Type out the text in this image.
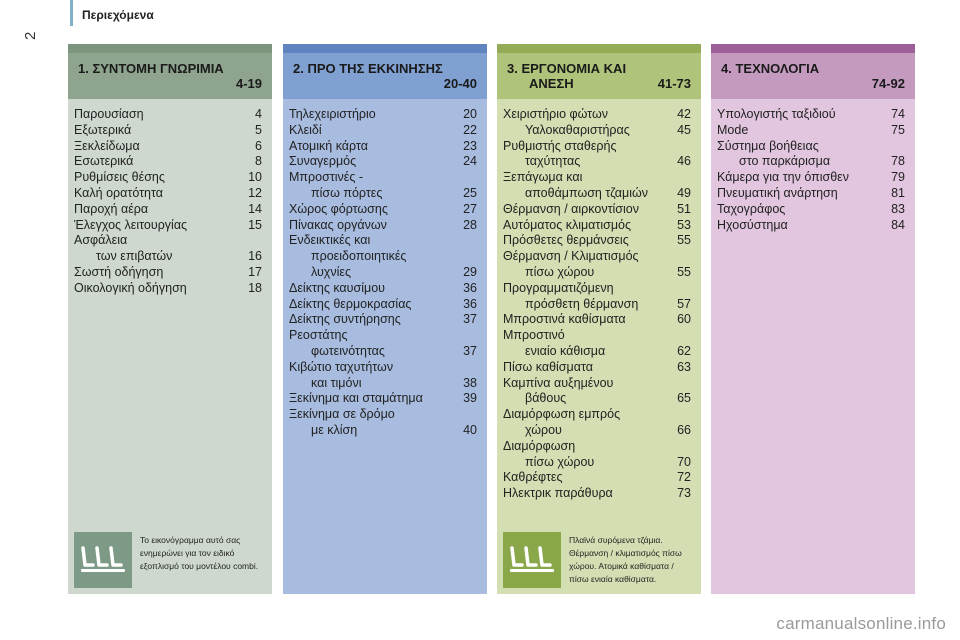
2
Περιεχόμενα
1. ΣΥΝΤΟΜΗ ΓΝΩΡΙΜΙΑ
4-19
Παρουσίαση	4
Εξωτερικά	5
Ξεκλείδωμα	6
Εσωτερικά	8
Ρυθμίσεις θέσης	10
Καλή ορατότητα	12
Παροχή αέρα	14
Έλεγχος λειτουργίας	15
Ασφάλεια
των επιβατών	16
Σωστή οδήγηση	17
Οικολογική οδήγηση	18
Το εικονόγραμμα αυτό σας ενημερώνει για τον ειδικό εξοπλισμό του μοντέλου combi.
2. ΠΡΟ ΤΗΣ ΕΚΚΙΝΗΣΗΣ
20-40
Τηλεχειριστήριο	20
Κλειδί	22
Ατομική κάρτα	23
Συναγερμός	24
Μπροστινές -
πίσω πόρτες	25
Χώρος φόρτωσης	27
Πίνακας οργάνων	28
Ενδεικτικές και
προειδοποιητικές
λυχνίες	29
Δείκτης καυσίμου	36
Δείκτης θερμοκρασίας	36
Δείκτης συντήρησης	37
Ρεοστάτης
φωτεινότητας	37
Κιβώτιο ταχυτήτων
και τιμόνι	38
Ξεκίνημα και σταμάτημα	39
Ξεκίνημα σε δρόμο
με κλίση	40
3. ΕΡΓΟΝΟΜΙΑ ΚΑΙ
ΑΝΕΣΗ	41-73
Χειριστήριο φώτων	42
Υαλοκαθαριστήρας	45
Ρυθμιστής σταθερής
ταχύτητας	46
Ξεπάγωμα και
αποθάμπωση τζαμιών	49
Θέρμανση / αιρκοντίσιον	51
Αυτόματος κλιματισμός	53
Πρόσθετες θερμάνσεις	55
Θέρμανση / Κλιματισμός
πίσω χώρου	55
Προγραμματιζόμενη
πρόσθετη θέρμανση	57
Μπροστινά καθίσματα	60
Μπροστινό
ενιαίο κάθισμα	62
Πίσω καθίσματα	63
Καμπίνα αυξημένου
βάθους	65
Διαμόρφωση εμπρός
χώρου	66
Διαμόρφωση
πίσω χώρου	70
Καθρέφτες	72
Ηλεκτρικ παράθυρα	73
Πλαϊνά συρόμενα τζάμια. Θέρμανση / κλιματισμός πίσω χώρου. Ατομικά καθίσματα / πίσω ενιαία καθίσματα.
4. ΤΕΧΝΟΛΟΓΙΑ
74-92
Υπολογιστής ταξιδιού	74
Mode	75
Σύστημα βοήθειας
στο παρκάρισμα	78
Κάμερα για την όπισθεν	79
Πνευματική ανάρτηση	81
Ταχογράφος	83
Ηχοσύστημα	84
carmanualsonline.info
